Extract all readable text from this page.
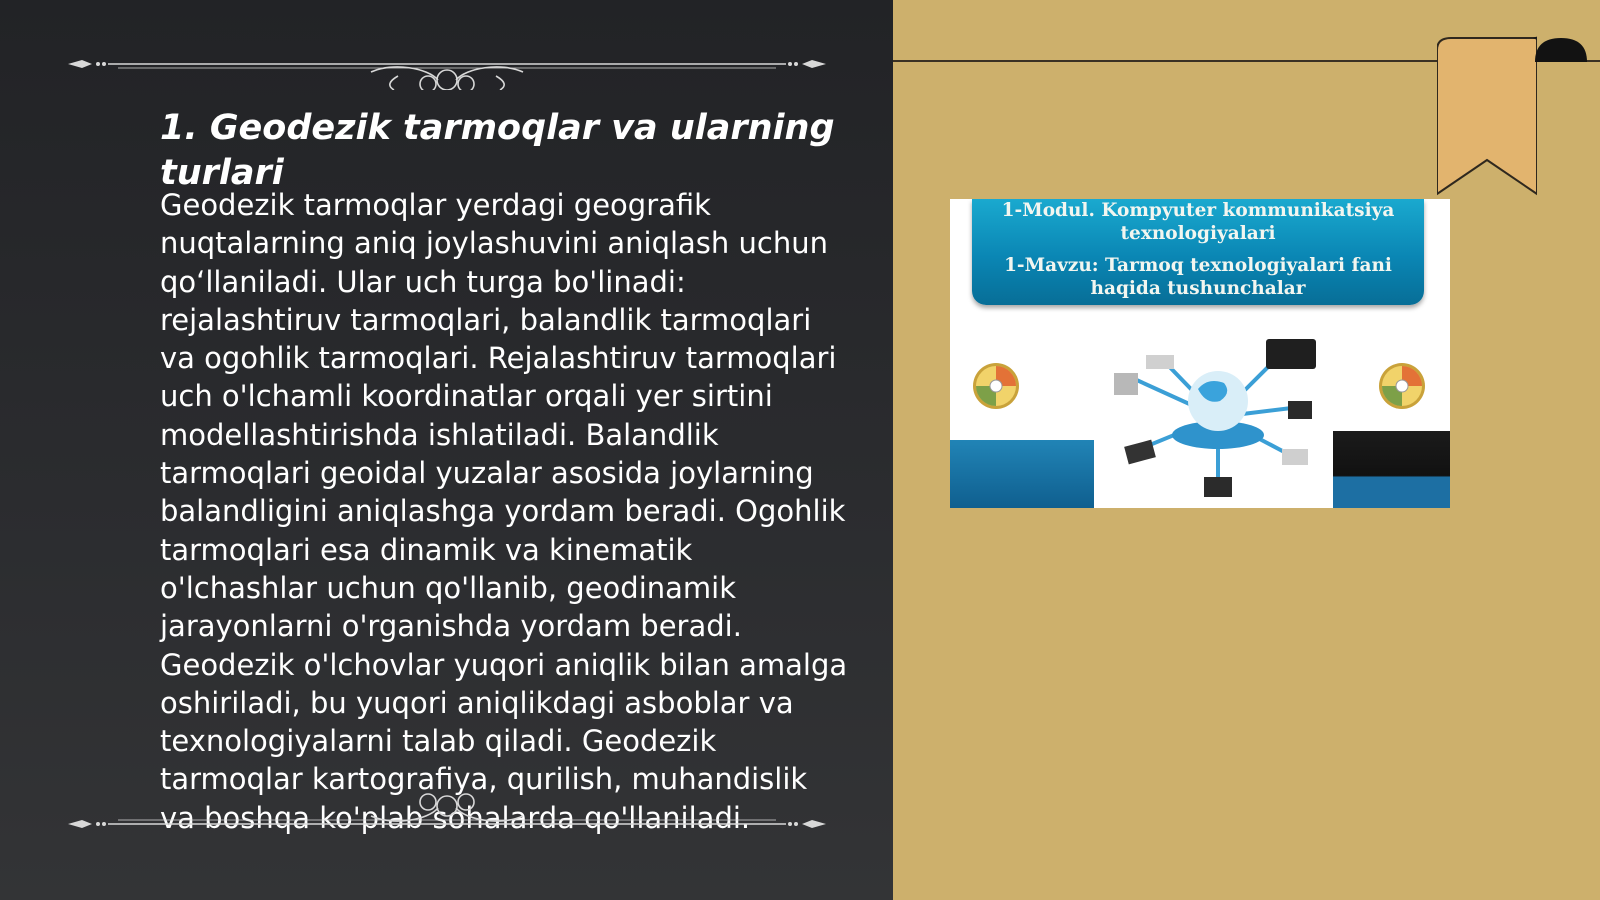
1. Geodezik tarmoqlar va ularning turlari

Geodezik tarmoqlar yerdagi geografik nuqtalarning aniq joylashuvini aniqlash uchun qo‘llaniladi. Ular uch turga bo'linadi: rejalashtiruv tarmoqlari, balandlik tarmoqlari va ogohlik tarmoqlari. Rejalashtiruv tarmoqlari uch o'lchamli koordinatlar orqali yer sirtini modellashtirishda ishlatiladi. Balandlik tarmoqlari geoidal yuzalar asosida joylarning balandligini aniqlashga yordam beradi. Ogohlik tarmoqlari esa dinamik va kinematik o'lchashlar uchun qo'llanib, geodinamik jarayonlarni o'rganishda yordam beradi. Geodezik o'lchovlar yuqori aniqlik bilan amalga oshiriladi, bu yuqori aniqlikdagi asboblar va texnologiyalarni talab qiladi. Geodezik tarmoqlar kartografiya, qurilish, muhandislik va boshqa ko'plab sohalarda qo'llaniladi.

1-Modul. Kompyuter kommunikatsiya
texnologiyalari
1-Mavzu: Tarmoq texnologiyalari fani
haqida tushunchalar
